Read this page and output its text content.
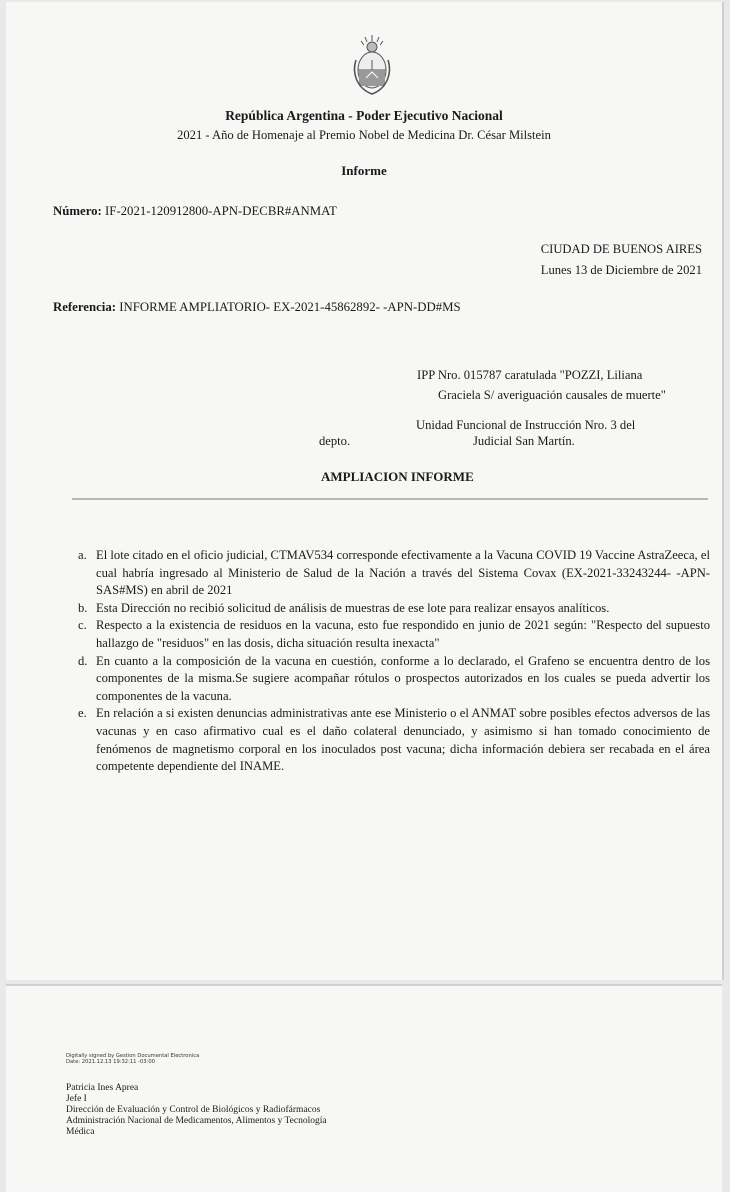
República Argentina - Poder Ejecutivo Nacional
2021 - Año de Homenaje al Premio Nobel de Medicina Dr. César Milstein
Informe
Número: IF-2021-120912800-APN-DECBR#ANMAT
CIUDAD DE BUENOS AIRES
Lunes 13 de Diciembre de 2021
Referencia: INFORME AMPLIATORIO- EX-2021-45862892- -APN-DD#MS
IPP Nro. 015787 caratulada "POZZI, Liliana
Graciela S/ averiguación causales de muerte"
Unidad Funcional de Instrucción Nro. 3 del
depto.	Judicial San Martín.
AMPLIACION INFORME
a. El lote citado en el oficio judicial, CTMAV534 corresponde efectivamente a la Vacuna COVID 19 Vaccine AstraZeeca, el cual habría ingresado al Ministerio de Salud de la Nación a través del Sistema Covax (EX-2021-33243244- -APN-SAS#MS) en abril de 2021
b. Esta Dirección no recibió solicitud de análisis de muestras de ese lote para realizar ensayos analíticos.
c. Respecto a la existencia de residuos en la vacuna, esto fue respondido en junio de 2021 según: "Respecto del supuesto hallazgo de "residuos" en las dosis, dicha situación resulta inexacta"
d. En cuanto a la composición de la vacuna en cuestión, conforme a lo declarado, el Grafeno se encuentra dentro de los componentes de la misma.Se sugiere acompañar rótulos o prospectos autorizados en los cuales se pueda advertir los componentes de la vacuna.
e. En relación a si existen denuncias administrativas ante ese Ministerio o el ANMAT sobre posibles efectos adversos de las vacunas y en caso afirmativo cual es el daño colateral denunciado, y asimismo si han tomado conocimiento de fenómenos de magnetismo corporal en los inoculados post vacuna; dicha información debiera ser recabada en el área competente dependiente del INAME.
Digitally signed by Gestion Documental Electronica
Date: 2021.12.13 19:32:11 -03:00
Patricia Ines Aprea
Jefe I
Dirección de Evaluación y Control de Biológicos y Radiofármacos
Administración Nacional de Medicamentos, Alimentos y Tecnología
Médica
